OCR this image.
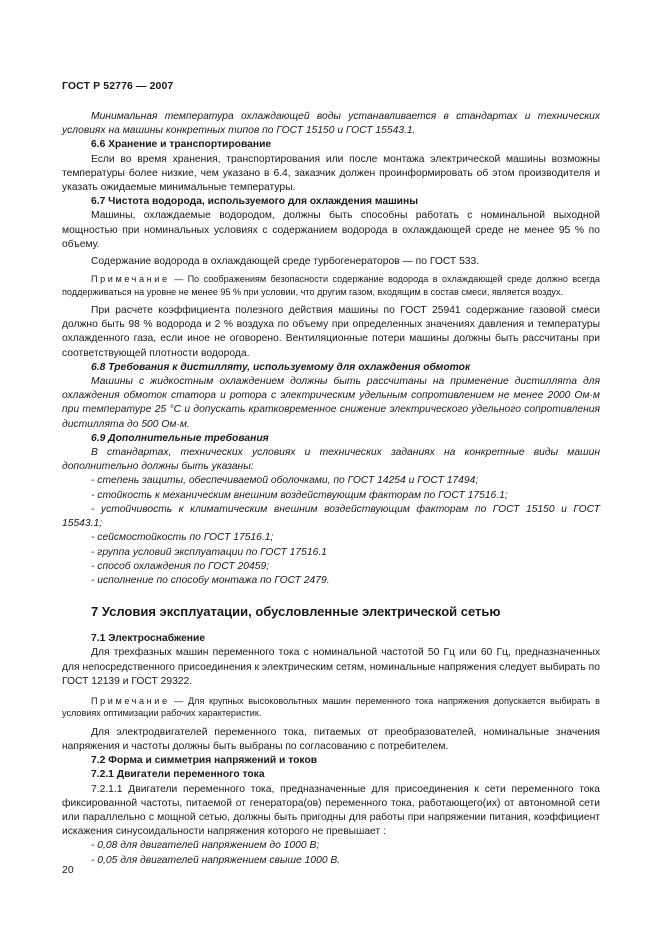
ГОСТ Р 52776 — 2007

Минимальная температура охлаждающей воды устанавливается в стандартах и технических условиях на машины конкретных типов по ГОСТ 15150 и ГОСТ 15543.1.

6.6 Хранение и транспортирование

Если во время хранения, транспортирования или после монтажа электрической машины возможны температуры более низкие, чем указано в 6.4, заказчик должен проинформировать об этом производителя и указать ожидаемые минимальные температуры.

6.7 Чистота водорода, используемого для охлаждения машины

Машины, охлаждаемые водородом, должны быть способны работать с номинальной выходной мощностью при номинальных условиях с содержанием водорода в охлаждающей среде не менее 95 % по объему.

Содержание водорода в охлаждающей среде турбогенераторов — по ГОСТ 533.

Примечание — По соображениям безопасности содержание водорода в охлаждающей среде должно всегда поддерживаться на уровне не менее 95 % при условии, что другим газом, входящим в состав смеси, является воздух.

При расчете коэффициента полезного действия машины по ГОСТ 25941 содержание газовой смеси должно быть 98 % водорода и 2 % воздуха по объему при определенных значениях давления и температуры охлажденного газа, если иное не оговорено. Вентиляционные потери машины должны быть рассчитаны при соответствующей плотности водорода.

6.8 Требования к дистилляту, используемому для охлаждения обмоток

Машины с жидкостным охлаждением должны быть рассчитаны на применение дистиллята для охлаждения обмоток статора и ротора с электрическим удельным сопротивлением не менее 2000 Ом·м при температуре 25 °С и допускать кратковременное снижение электрического удельного сопротивления дистиллята до 500 Ом·м.

6.9 Дополнительные требования

В стандартах, технических условиях и технических заданиях на конкретные виды машин дополнительно должны быть указаны:

- степень защиты, обеспечиваемой оболочками, по ГОСТ 14254 и ГОСТ 17494;
- стойкость к механическим внешним воздействующим факторам по ГОСТ 17516.1;

- устойчивость к климатическим внешним воздействующим факторам по ГОСТ 15150 и ГОСТ 15543.1;

- сейсмостойкость по ГОСТ 17516.1;
- группа условий эксплуатации по ГОСТ 17516.1
- способ охлаждения по ГОСТ 20459;
- исполнение по способу монтажа по ГОСТ 2479.
7 Условия эксплуатации, обусловленные электрической сетью
7.1 Электроснабжение

Для трехфазных машин переменного тока с номинальной частотой 50 Гц или 60 Гц, предназначенных для непосредственного присоединения к электрическим сетям, номинальные напряжения следует выбирать по ГОСТ 12139 и ГОСТ 29322.

Примечание — Для крупных высоковольтных машин переменного тока напряжения допускается выбирать в условиях оптимизации рабочих характеристик.

Для электродвигателей переменного тока, питаемых от преобразователей, номинальные значения напряжения и частоты должны быть выбраны по согласованию с потребителем.

7.2 Форма и симметрия напряжений и токов
7.2.1 Двигатели переменного тока

7.2.1.1 Двигатели переменного тока, предназначенные для присоединения к сети переменного тока фиксированной частоты, питаемой от генератора(ов) переменного тока, работающего(их) от автономной сети или параллельно с мощной сетью, должны быть пригодны для работы при напряжении питания, коэффициент искажения синусоидальности напряжения которого не превышает :

- 0,08 для двигателей напряжением до 1000 В;
- 0,05 для двигателей напряжением свыше 1000 В.
20
